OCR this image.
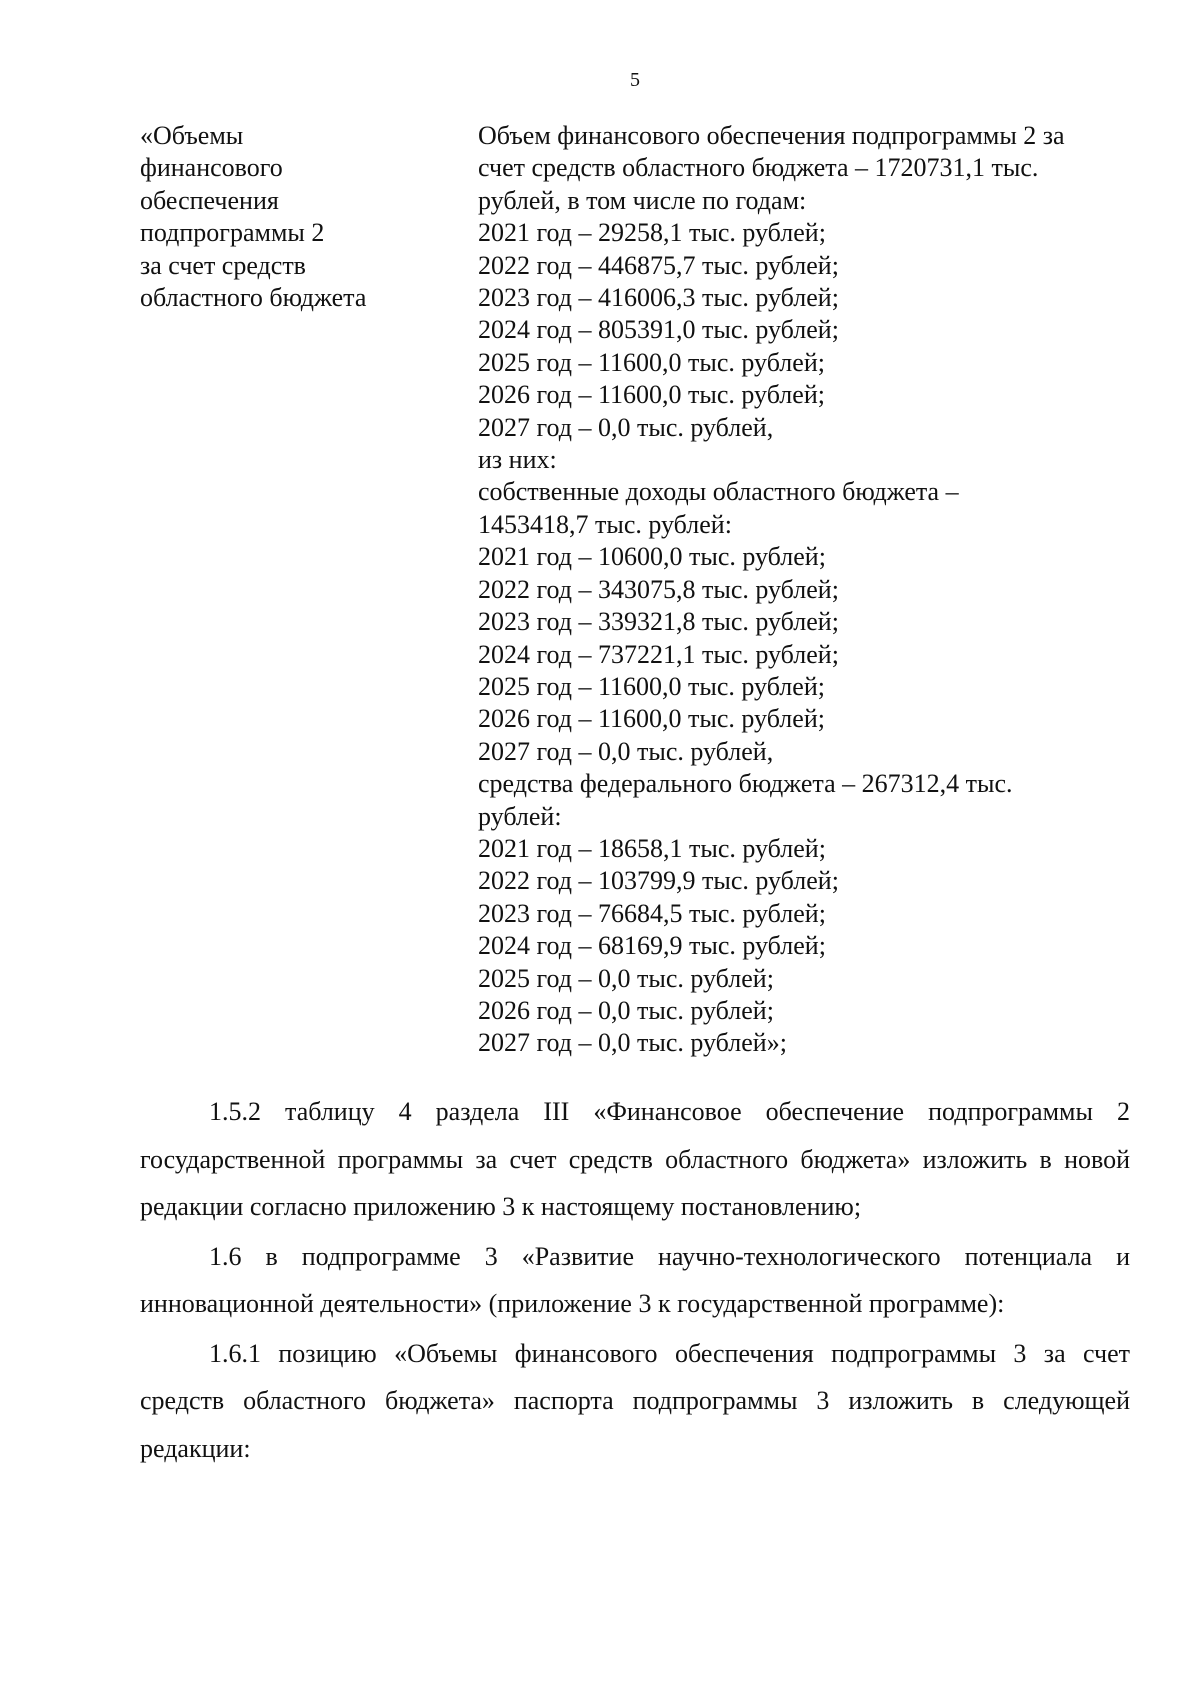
5
«Объемы
финансового
обеспечения
подпрограммы 2
за счет средств
областного бюджета
Объем финансового обеспечения подпрограммы 2 за
счет средств областного бюджета – 1720731,1 тыс.
рублей, в том числе по годам:
2021 год – 29258,1 тыс. рублей;
2022 год – 446875,7 тыс. рублей;
2023 год – 416006,3 тыс. рублей;
2024 год – 805391,0 тыс. рублей;
2025 год – 11600,0 тыс. рублей;
2026 год – 11600,0 тыс. рублей;
2027 год – 0,0 тыс. рублей,
из них:
собственные доходы областного бюджета –
1453418,7 тыс. рублей:
2021 год – 10600,0 тыс. рублей;
2022 год – 343075,8 тыс. рублей;
2023 год – 339321,8 тыс. рублей;
2024 год – 737221,1 тыс. рублей;
2025 год – 11600,0 тыс. рублей;
2026 год – 11600,0 тыс. рублей;
2027 год – 0,0 тыс. рублей,
средства федерального бюджета – 267312,4 тыс.
рублей:
2021 год – 18658,1 тыс. рублей;
2022 год – 103799,9 тыс. рублей;
2023 год – 76684,5 тыс. рублей;
2024 год – 68169,9 тыс. рублей;
2025 год – 0,0 тыс. рублей;
2026 год – 0,0 тыс. рублей;
2027 год – 0,0 тыс. рублей»;

1.5.2 таблицу 4 раздела III «Финансовое обеспечение подпрограммы 2 государственной программы за счет средств областного бюджета» изложить в новой редакции согласно приложению 3 к настоящему постановлению;

1.6 в подпрограмме 3 «Развитие научно-технологического потенциала и инновационной деятельности» (приложение 3 к государственной программе):

1.6.1 позицию «Объемы финансового обеспечения подпрограммы 3 за счет средств областного бюджета» паспорта подпрограммы 3 изложить в следующей редакции:
